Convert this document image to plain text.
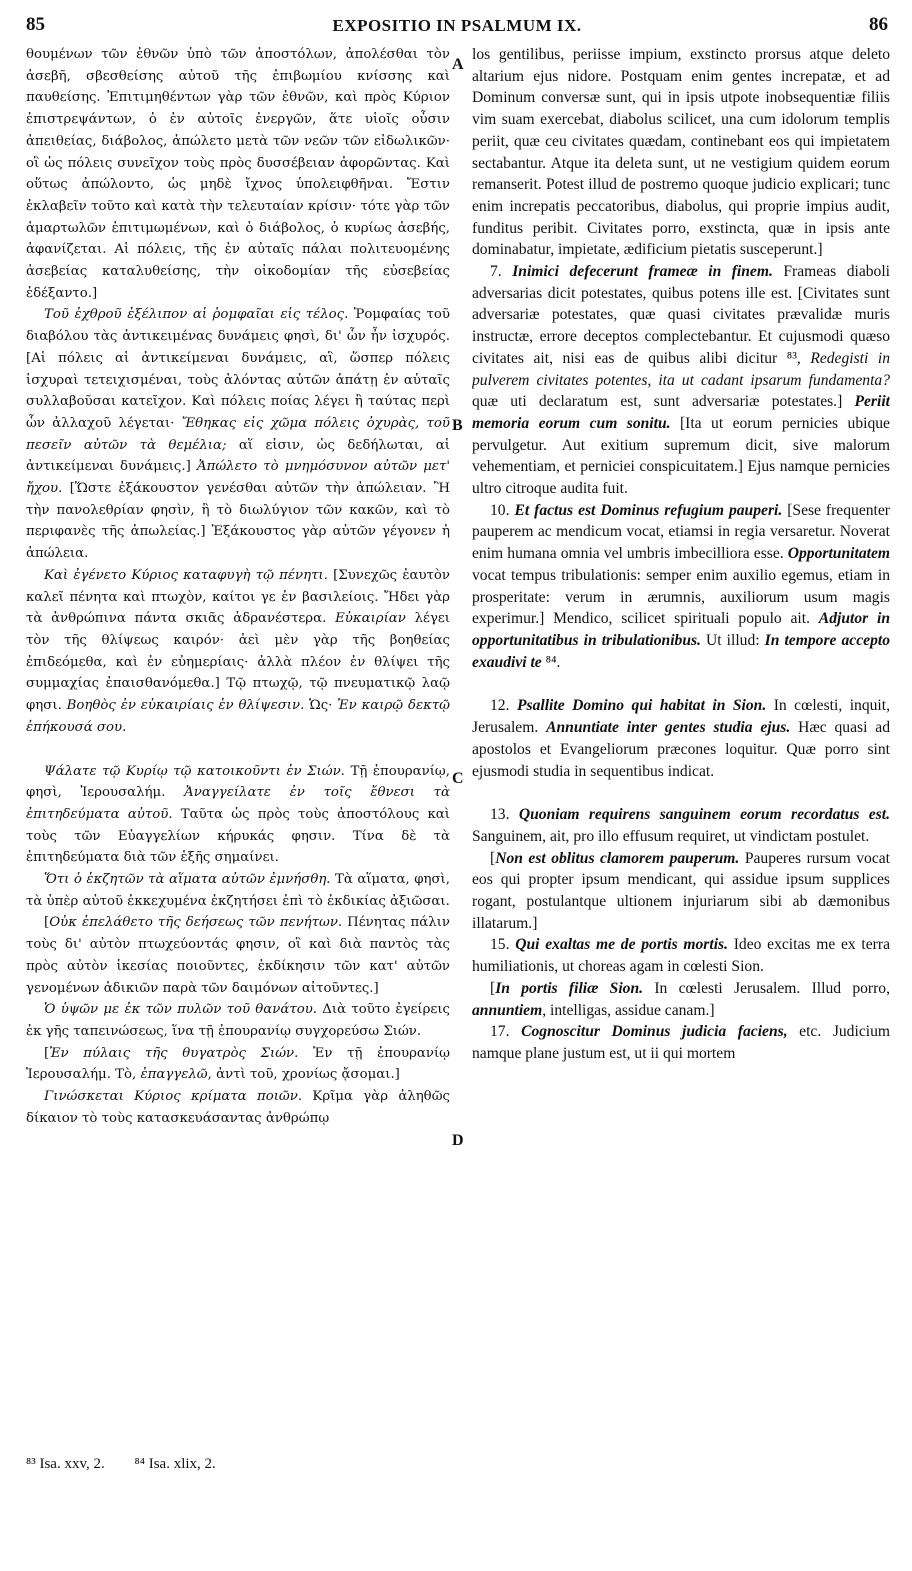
85	EXPOSITIO IN PSALMUM IX.	86

θουμένων τῶν ἐθνῶν ὑπὸ τῶν ἀποστόλων, ἀπολέσθαι τὸν ἀσεβῆ, σβεσθείσης αὐτοῦ τῆς ἐπιβωμίου κνίσσης καὶ παυθείσης. Ἐπιτιμηθέντων γὰρ τῶν ἐθνῶν, καὶ πρὸς Κύριον ἐπιστρεψάντων, ὁ ἐν αὐτοῖς ἐνεργῶν, ἅτε υἱοῖς οὖσιν ἀπειθείας, διάβολος, ἀπώλετο μετὰ τῶν νεῶν τῶν εἰδωλικῶν· οἳ ὡς πόλεις συνεῖχον τοὺς πρὸς δυσσέβειαν ἀφορῶντας. Καὶ οὕτως ἀπώλοντο, ὡς μηδὲ ἴχνος ὑπολειφθῆναι. Ἔστιν ἐκλαβεῖν τοῦτο καὶ κατὰ τὴν τελευταίαν κρίσιν· τότε γὰρ τῶν ἁμαρτωλῶν ἐπιτιμωμένων, καὶ ὁ διάβολος, ὁ κυρίως ἀσεβής, ἀφανίζεται. Αἱ πόλεις, τῆς ἐν αὐταῖς πάλαι πολιτευομένης ἀσεβείας καταλυθείσης, τὴν οἰκοδομίαν τῆς εὐσεβείας ἐδέξαντο.]

Τοῦ ἐχθροῦ ἐξέλιπον αἱ ῥομφαῖαι εἰς τέλος. Ῥομφαίας τοῦ διαβόλου τὰς ἀντικειμένας δυνάμεις φησὶ, δι' ὧν ἦν ἰσχυρός. [Αἱ πόλεις αἱ ἀντικείμεναι δυνάμεις, αἳ, ὥσπερ πόλεις ἰσχυραὶ τετειχισμέναι, τοὺς ἁλόντας αὐτῶν ἀπάτῃ ἐν αὐταῖς συλλαβοῦσαι κατεῖχον. Καὶ πόλεις ποίας λέγει ἢ ταύτας περὶ ὧν ἀλλαχοῦ λέγεται· Ἔθηκας εἰς χῶμα πόλεις ὀχυρὰς, τοῦ πεσεῖν αὐτῶν τὰ θεμέλια; αἵ εἰσιν, ὡς δεδήλωται, αἱ ἀντικείμεναι δυνάμεις.] Ἀπώλετο τὸ μνημόσυνον αὐτῶν μετ' ἤχου. [Ὥστε ἐξάκουστον γενέσθαι αὐτῶν τὴν ἀπώλειαν. Ἢ τὴν πανολεθρίαν φησὶν, ἢ τὸ διωλύγιον τῶν κακῶν, καὶ τὸ περιφανὲς τῆς ἀπωλείας.] Ἐξάκουστος γὰρ αὐτῶν γέγονεν ἡ ἀπώλεια.

Καὶ ἐγένετο Κύριος καταφυγὴ τῷ πένητι. [Συνεχῶς ἑαυτὸν καλεῖ πένητα καὶ πτωχὸν, καίτοι γε ἐν βασιλείοις. Ἤδει γὰρ τὰ ἀνθρώπινα πάντα σκιᾶς ἀδρανέστερα. Εὐκαιρίαν λέγει τὸν τῆς θλίψεως καιρόν· ἀεὶ μὲν γὰρ τῆς βοηθείας ἐπιδεόμεθα, καὶ ἐν εὐημερίαις· ἀλλὰ πλέον ἐν θλίψει τῆς συμμαχίας ἐπαισθανόμεθα.] Τῷ πτωχῷ, τῷ πνευματικῷ λαῷ φησι. Βοηθὸς ἐν εὐκαιρίαις ἐν θλίψεσιν. Ὡς· Ἐν καιρῷ δεκτῷ ἐπήκουσά σου.

Ψάλατε τῷ Κυρίῳ τῷ κατοικοῦντι ἐν Σιών. Τῇ ἐπουρανίῳ, φησὶ, Ἱερουσαλήμ. Ἀναγγείλατε ἐν τοῖς ἔθνεσι τὰ ἐπιτηδεύματα αὐτοῦ. Ταῦτα ὡς πρὸς τοὺς ἀποστόλους καὶ τοὺς τῶν Εὐαγγελίων κήρυκάς φησιν. Τίνα δὲ τὰ ἐπιτηδεύματα διὰ τῶν ἑξῆς σημαίνει.

Ὅτι ὁ ἐκζητῶν τὰ αἵματα αὐτῶν ἐμνήσθη. Τὰ αἵματα, φησὶ, τὰ ὑπὲρ αὐτοῦ ἐκκεχυμένα ἐκζητήσει ἐπὶ τὸ ἐκδικίας ἀξιῶσαι.

[Οὐκ ἐπελάθετο τῆς δεήσεως τῶν πενήτων. Πένητας πάλιν τοὺς δι' αὐτὸν πτωχεύοντάς φησιν, οἳ καὶ διὰ παντὸς τὰς πρὸς αὐτὸν ἱκεσίας ποιοῦντες, ἐκδίκησιν τῶν κατ' αὐτῶν γενομένων ἀδικιῶν παρὰ τῶν δαιμόνων αἰτοῦντες.]

Ὁ ὑψῶν με ἐκ τῶν πυλῶν τοῦ θανάτου. Διὰ τοῦτο ἐγείρεις ἐκ γῆς ταπεινώσεως, ἵνα τῇ ἐπουρανίῳ συγχορεύσω Σιών.

[Ἐν πύλαις τῆς θυγατρὸς Σιών. Ἐν τῇ ἐπουρανίῳ Ἱερουσαλήμ. Τὸ, ἐπαγγελῶ, ἀντὶ τοῦ, χρονίως ᾄσομαι.]

Γινώσκεται Κύριος κρίματα ποιῶν. Κρῖμα γὰρ ἀληθῶς δίκαιον τὸ τοὺς κατασκευάσαντας ἀνθρώπῳ

A
B
C
D

los gentilibus, periisse impium, exstincto prorsus atque deleto altarium ejus nidore. Postquam enim gentes increpatæ, et ad Dominum conversæ sunt, qui in ipsis utpote inobsequentiæ filiis vim suam exercebat, diabolus scilicet, una cum idolorum templis periit, quæ ceu civitates quædam, continebant eos qui impietatem sectabantur. Atque ita deleta sunt, ut ne vestigium quidem eorum remanserit. Potest illud de postremo quoque judicio explicari; tunc enim increpatis peccatoribus, diabolus, qui proprie impius audit, funditus peribit. Civitates porro, exstincta, quæ in ipsis ante dominabatur, impietate, ædificium pietatis susceperunt.]

7. Inimici defecerunt frameæ in finem. Frameas diaboli adversarias dicit potestates, quibus potens ille est. [Civitates sunt adversariæ potestates, quæ quasi civitates prævalidæ muris instructæ, errore deceptos complectebantur. Et cujusmodi quæso civitates ait, nisi eas de quibus alibi dicitur ⁸³, Redegisti in pulverem civitates potentes, ita ut cadant ipsarum fundamenta? quæ uti declaratum est, sunt adversariæ potestates.] Periit memoria eorum cum sonitu. [Ita ut eorum pernicies ubique pervulgetur. Aut exitium supremum dicit, sive malorum vehementiam, et perniciei conspicuitatem.] Ejus namque pernicies ultro citroque audita fuit.

10. Et factus est Dominus refugium pauperi. [Sese frequenter pauperem ac mendicum vocat, etiamsi in regia versaretur. Noverat enim humana omnia vel umbris imbecilliora esse. Opportunitatem vocat tempus tribulationis: semper enim auxilio egemus, etiam in prosperitate: verum in ærumnis, auxiliorum usum magis experimur.] Mendico, scilicet spirituali populo ait. Adjutor in opportunitatibus in tribulationibus. Ut illud: In tempore accepto exaudivi te ⁸⁴.

12. Psallite Domino qui habitat in Sion. In cœlesti, inquit, Jerusalem. Annuntiate inter gentes studia ejus. Hæc quasi ad apostolos et Evangeliorum præcones loquitur. Quæ porro sint ejusmodi studia in sequentibus indicat.

13. Quoniam requirens sanguinem eorum recordatus est. Sanguinem, ait, pro illo effusum requiret, ut vindictam postulet.

[Non est oblitus clamorem pauperum. Pauperes rursum vocat eos qui propter ipsum mendicant, qui assidue ipsum supplices rogant, postulantque ultionem injuriarum sibi ab dæmonibus illatarum.]

15. Qui exaltas me de portis mortis. Ideo excitas me ex terra humiliationis, ut choreas agam in cœlesti Sion.

[In portis filiæ Sion. In cœlesti Jerusalem. Illud porro, annuntiem, intelligas, assidue canam.]

17. Cognoscitur Dominus judicia faciens, etc. Judicium namque plane justum est, ut ii qui mortem

⁸³ Isa. xxv, 2. ⁸⁴ Isa. xlix, 2.
